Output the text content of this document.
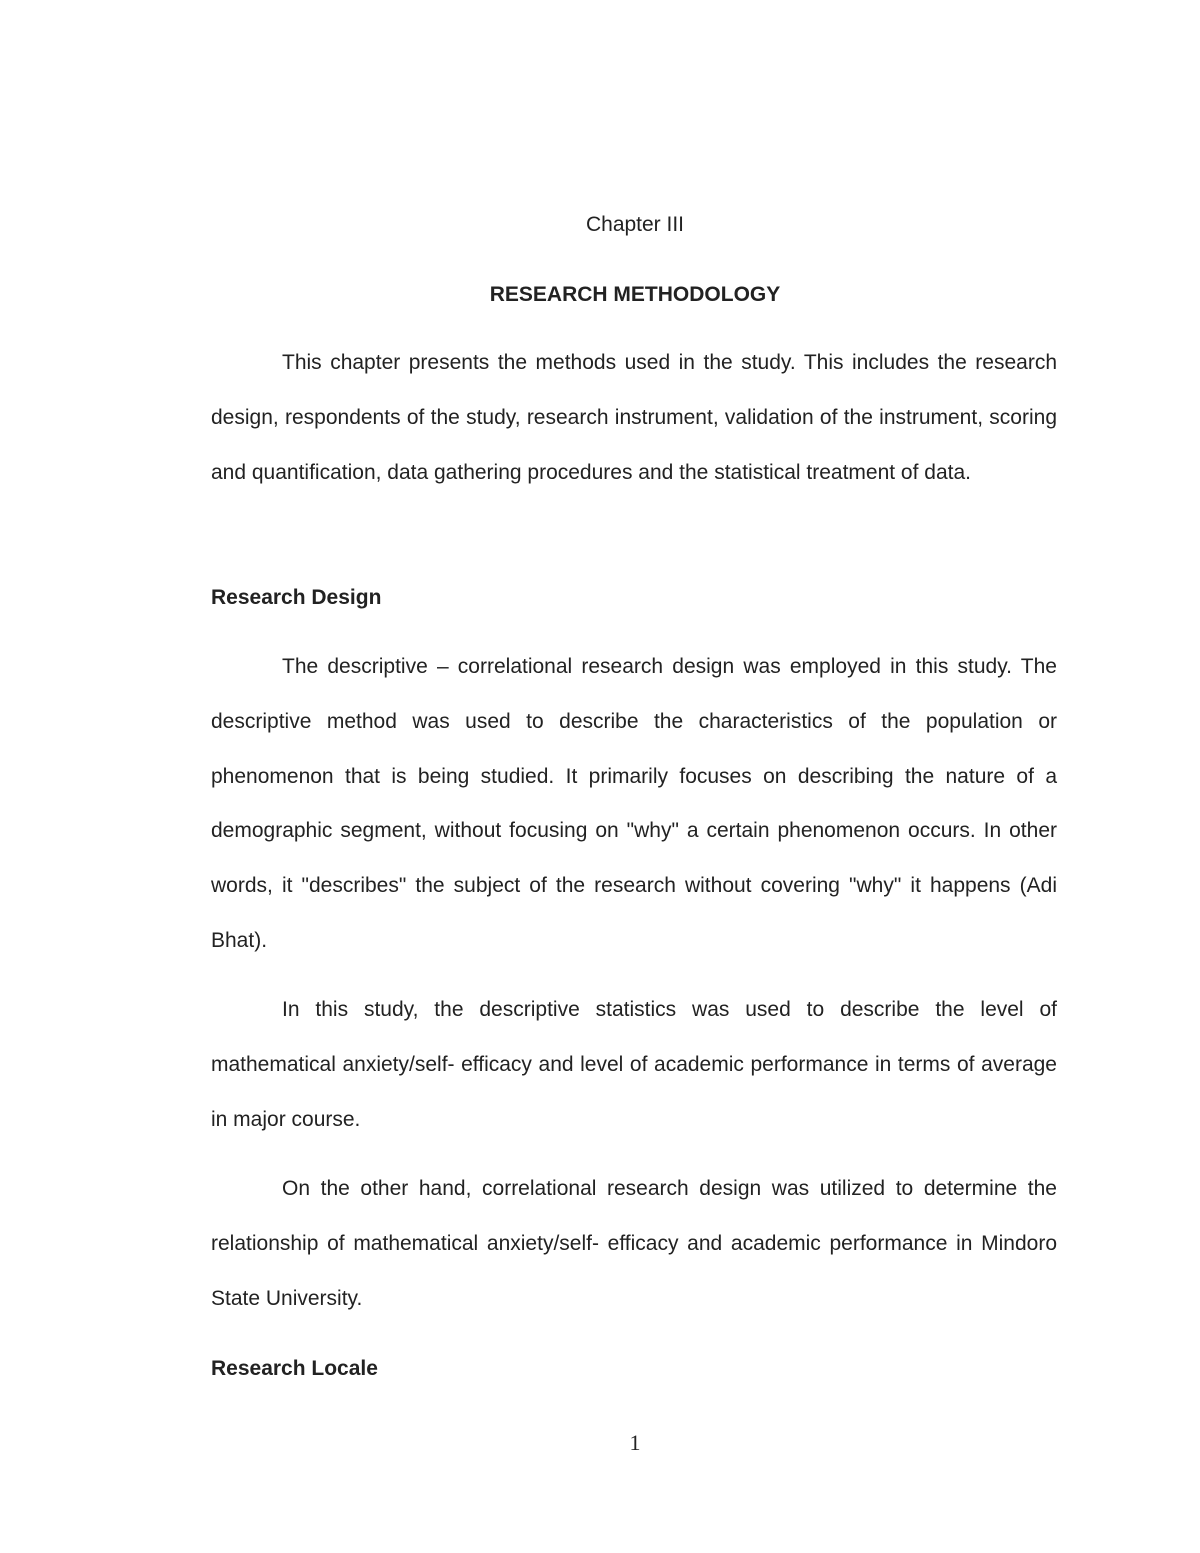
Chapter III
RESEARCH METHODOLOGY

This chapter presents the methods used in the study. This includes the research design, respondents of the study, research instrument, validation of the instrument, scoring and quantification, data gathering procedures and the statistical treatment of data.

Research Design

The descriptive – correlational research design was employed in this study. The descriptive method was used to describe the characteristics of the population or phenomenon that is being studied. It primarily focuses on describing the nature of a demographic segment, without focusing on "why" a certain phenomenon occurs. In other words, it "describes" the subject of the research without covering "why" it happens (Adi Bhat).

In this study, the descriptive statistics was used to describe the level of mathematical anxiety/self- efficacy and level of academic performance in terms of average in major course.

On the other hand, correlational research design was utilized to determine the relationship of mathematical anxiety/self- efficacy and academic performance in Mindoro State University.

Research Locale
1
